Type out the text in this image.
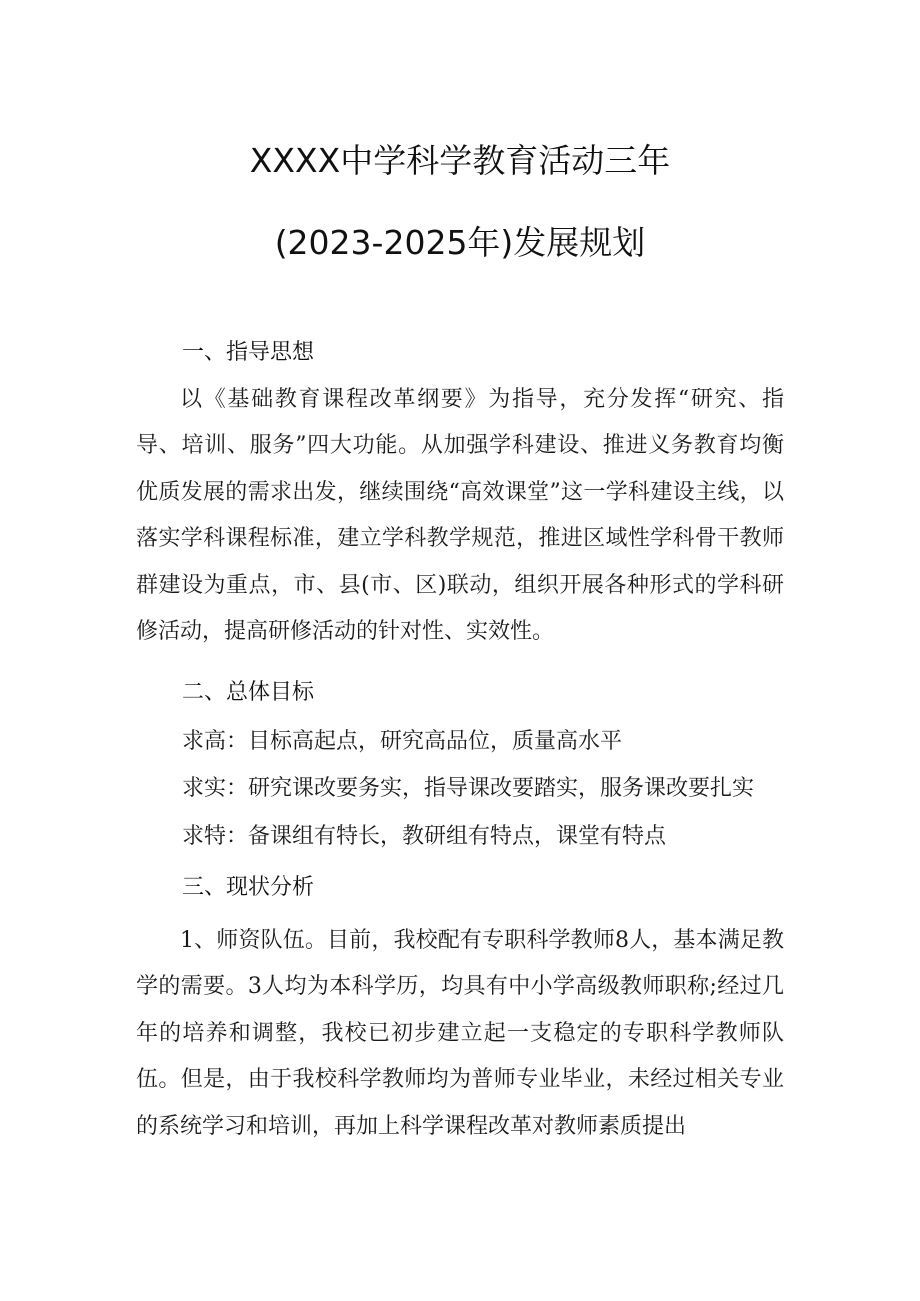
XXXX中学科学教育活动三年
(2023-2025年)发展规划
一、指导思想

以《基础教育课程改革纲要》为指导，充分发挥“研究、指导、培训、服务”四大功能。从加强学科建设、推进义务教育均衡优质发展的需求出发，继续围绕“高效课堂”这一学科建设主线，以落实学科课程标准，建立学科教学规范，推进区域性学科骨干教师群建设为重点，市、县(市、区)联动，组织开展各种形式的学科研修活动，提高研修活动的针对性、实效性。

二、总体目标
求高：目标高起点，研究高品位，质量高水平
求实：研究课改要务实，指导课改要踏实，服务课改要扎实
求特：备课组有特长，教研组有特点，课堂有特点
三、现状分析

1、师资队伍。目前，我校配有专职科学教师8人，基本满足教学的需要。3人均为本科学历，均具有中小学高级教师职称;经过几年的培养和调整，我校已初步建立起一支稳定的专职科学教师队伍。但是，由于我校科学教师均为普师专业毕业，未经过相关专业的系统学习和培训，再加上科学课程改革对教师素质提出
